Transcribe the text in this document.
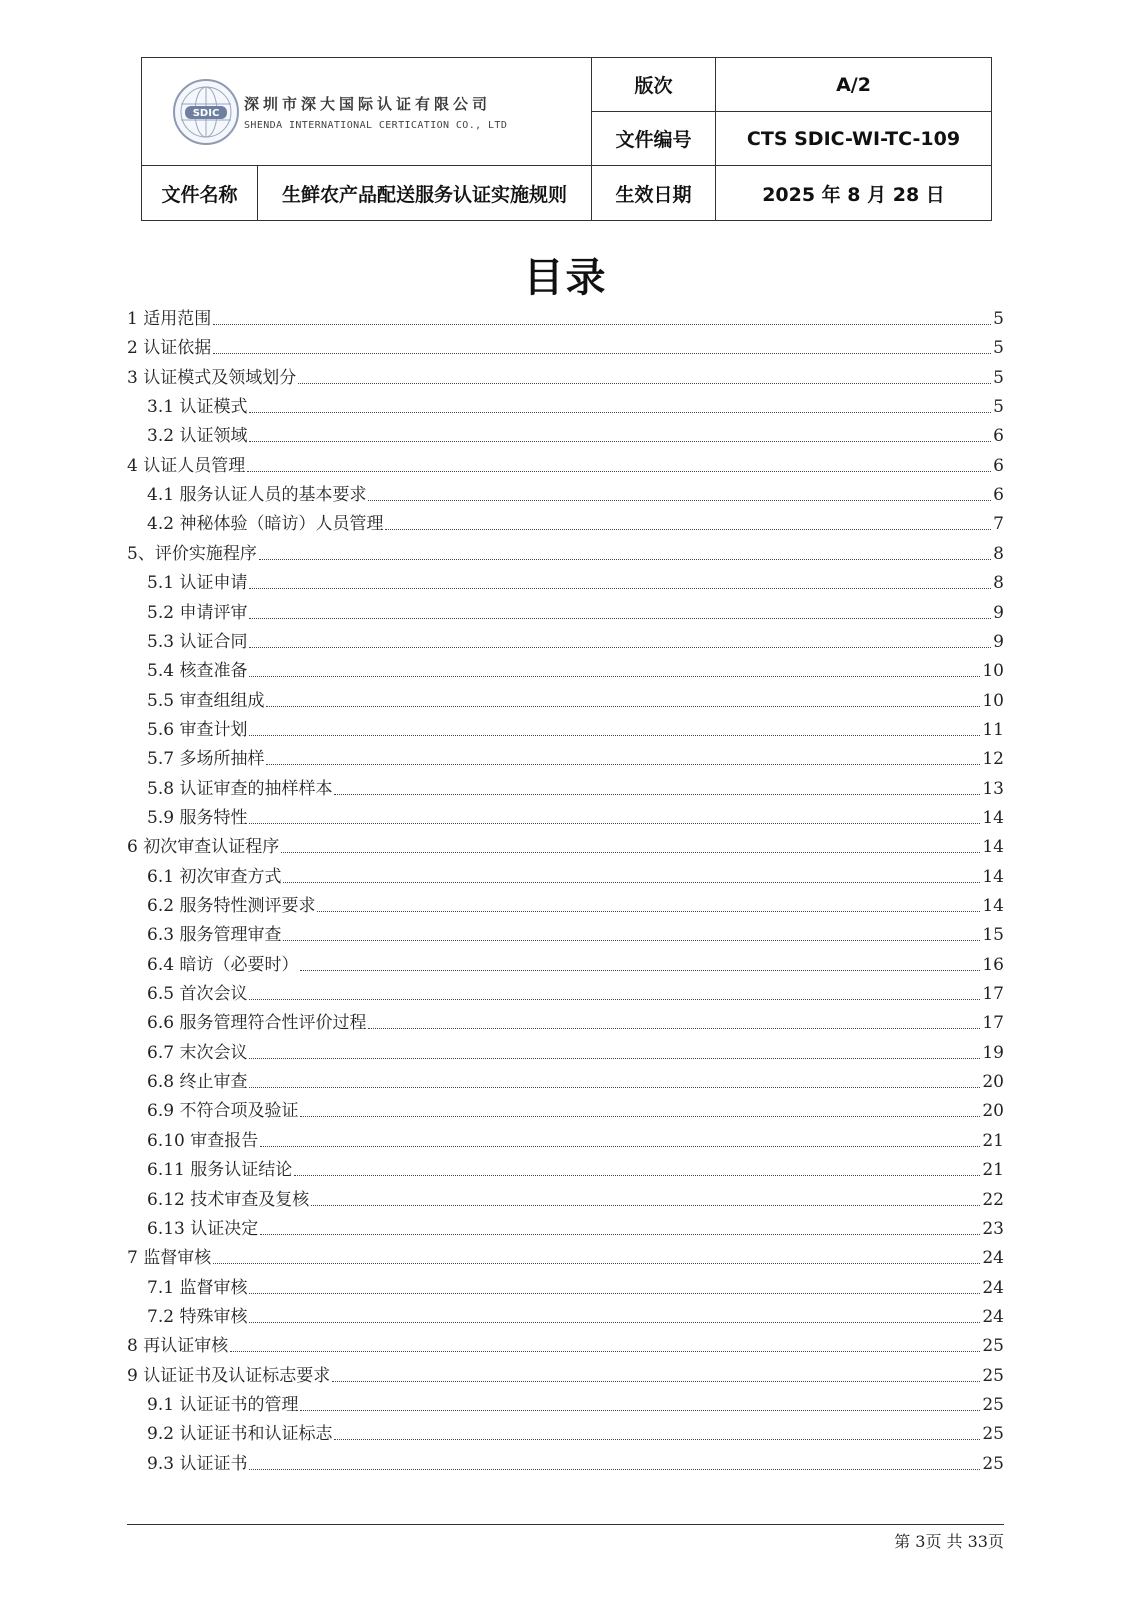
SDIC
深圳市深大国际认证有限公司
SHENDA INTERNATIONAL CERTICATION CO., LTD		版次	A/2
		文件编号	CTS SDIC-WI-TC-109
文件名称	生鲜农产品配送服务认证实施规则	生效日期	2025 年 8 月 28 日
目录
1 适用范围	5
2 认证依据	5
3 认证模式及领域划分	5
3.1 认证模式	5
3.2 认证领域	6
4 认证人员管理	6
4.1 服务认证人员的基本要求	6
4.2 神秘体验（暗访）人员管理	7
5、评价实施程序	8
5.1 认证申请	8
5.2 申请评审	9
5.3 认证合同	9
5.4 核查准备	10
5.5 审查组组成	10
5.6 审查计划	11
5.7 多场所抽样	12
5.8 认证审查的抽样样本	13
5.9 服务特性	14
6 初次审查认证程序	14
6.1 初次审查方式	14
6.2 服务特性测评要求	14
6.3 服务管理审查	15
6.4 暗访（必要时）	16
6.5 首次会议	17
6.6 服务管理符合性评价过程	17
6.7 末次会议	19
6.8 终止审查	20
6.9 不符合项及验证	20
6.10 审查报告	21
6.11 服务认证结论	21
6.12 技术审查及复核	22
6.13 认证决定	23
7 监督审核	24
7.1 监督审核	24
7.2 特殊审核	24
8 再认证审核	25
9 认证证书及认证标志要求	25
9.1 认证证书的管理	25
9.2 认证证书和认证标志	25
9.3 认证证书	25
第 3页 共 33页
